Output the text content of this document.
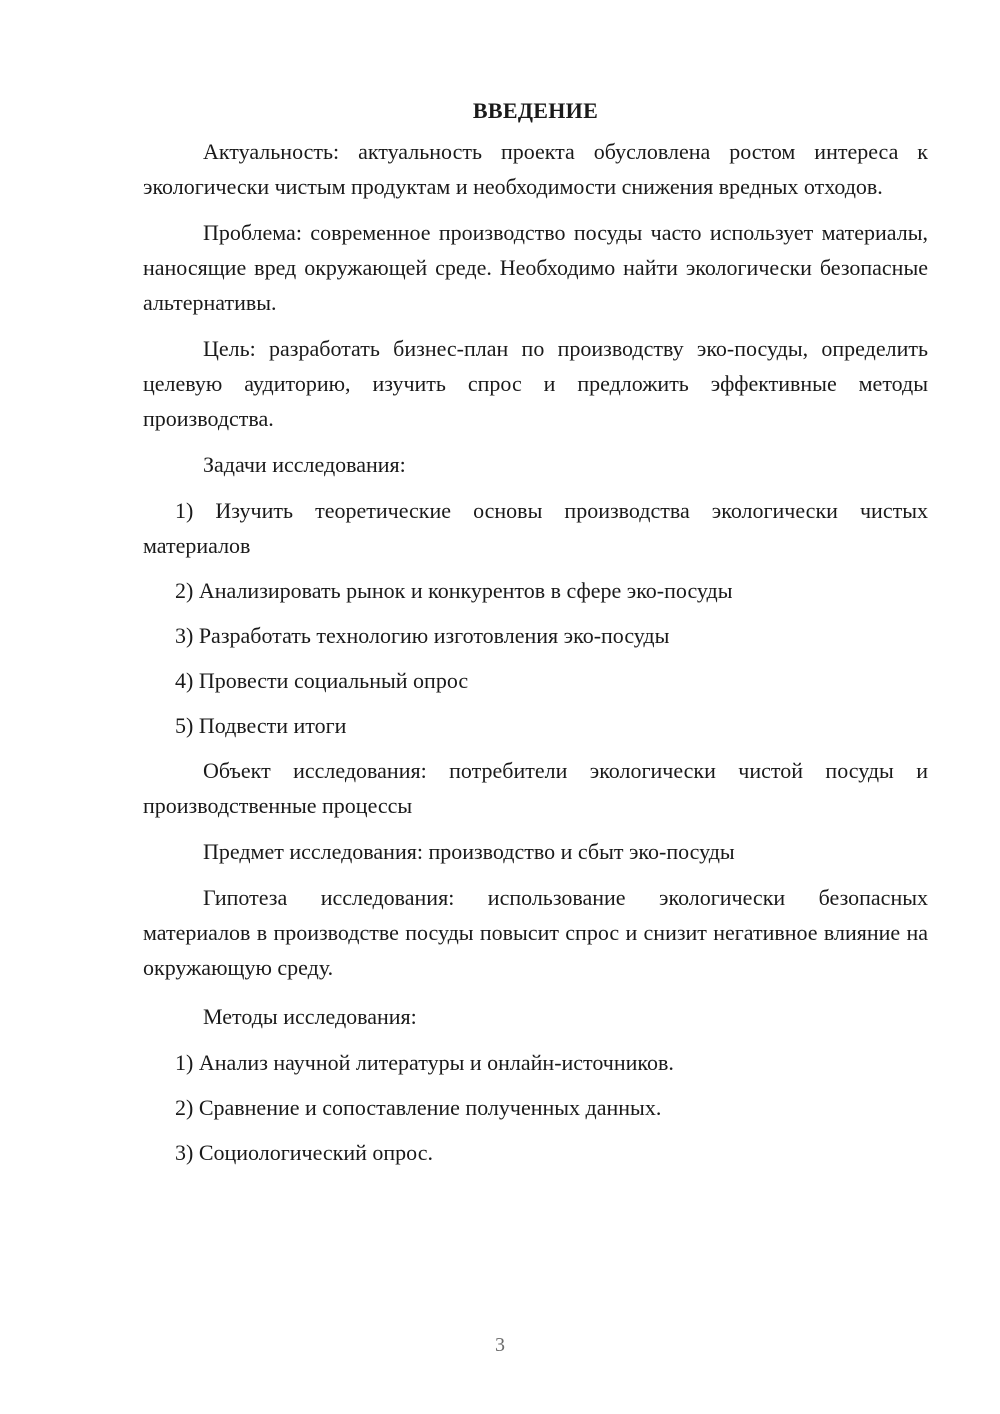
ВВЕДЕНИЕ

Актуальность: актуальность проекта обусловлена ростом интереса к экологически чистым продуктам и необходимости снижения вредных отходов.

Проблема: современное производство посуды часто использует материалы, наносящие вред окружающей среде. Необходимо найти экологически безопасные альтернативы.

Цель: разработать бизнес-план по производству эко-посуды, определить целевую аудиторию, изучить спрос и предложить эффективные методы производства.

Задачи исследования:

1) Изучить теоретические основы производства экологически чистых материалов

2) Анализировать рынок и конкурентов в сфере эко-посуды

3) Разработать технологию изготовления эко-посуды

4) Провести социальный опрос

5) Подвести итоги

Объект исследования: потребители экологически чистой посуды и производственные процессы

Предмет исследования: производство и сбыт эко-посуды

Гипотеза исследования: использование экологически безопасных материалов в производстве посуды повысит спрос и снизит негативное влияние на окружающую среду.

Методы исследования:

1) Анализ научной литературы и онлайн-источников.

2) Сравнение и сопоставление полученных данных.

3) Социологический опрос.

3
